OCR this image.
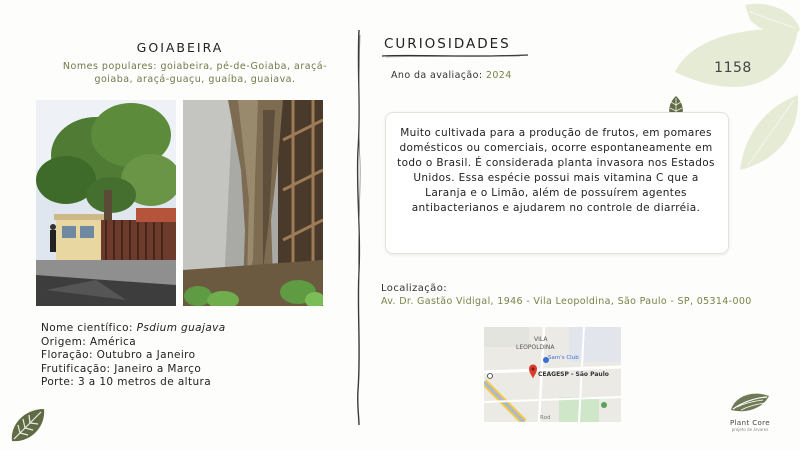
GOIABEIRA
Nomes populares: goiabeira, pé-de-Goiaba, araçá-goiaba, araçá-guaçu, guaíba, guaiava.
Nome científico: Psdium guajava
Origem: América
Floração: Outubro a Janeiro
Frutificação: Janeiro a Março
Porte: 3 a 10 metros de altura
CURIOSIDADES
Ano da avaliação: 2024
Muito cultivada para a produção de frutos, em pomares domésticos ou comerciais, ocorre espontaneamente em todo o Brasil. É considerada planta invasora nos Estados Unidos. Essa espécie possui mais vitamina C que a Laranja e o Limão, além de possuírem agentes antibacterianos e ajudarem no controle de diarréia.
Localização:
Av. Dr. Gastão Vidigal, 1946 - Vila Leopoldina, São Paulo - SP, 05314-000
VILA
LEOPOLDINA
Sam's Club
CEAGESP - São Paulo
Rod
1158
Plant Core
projeto de árvores
